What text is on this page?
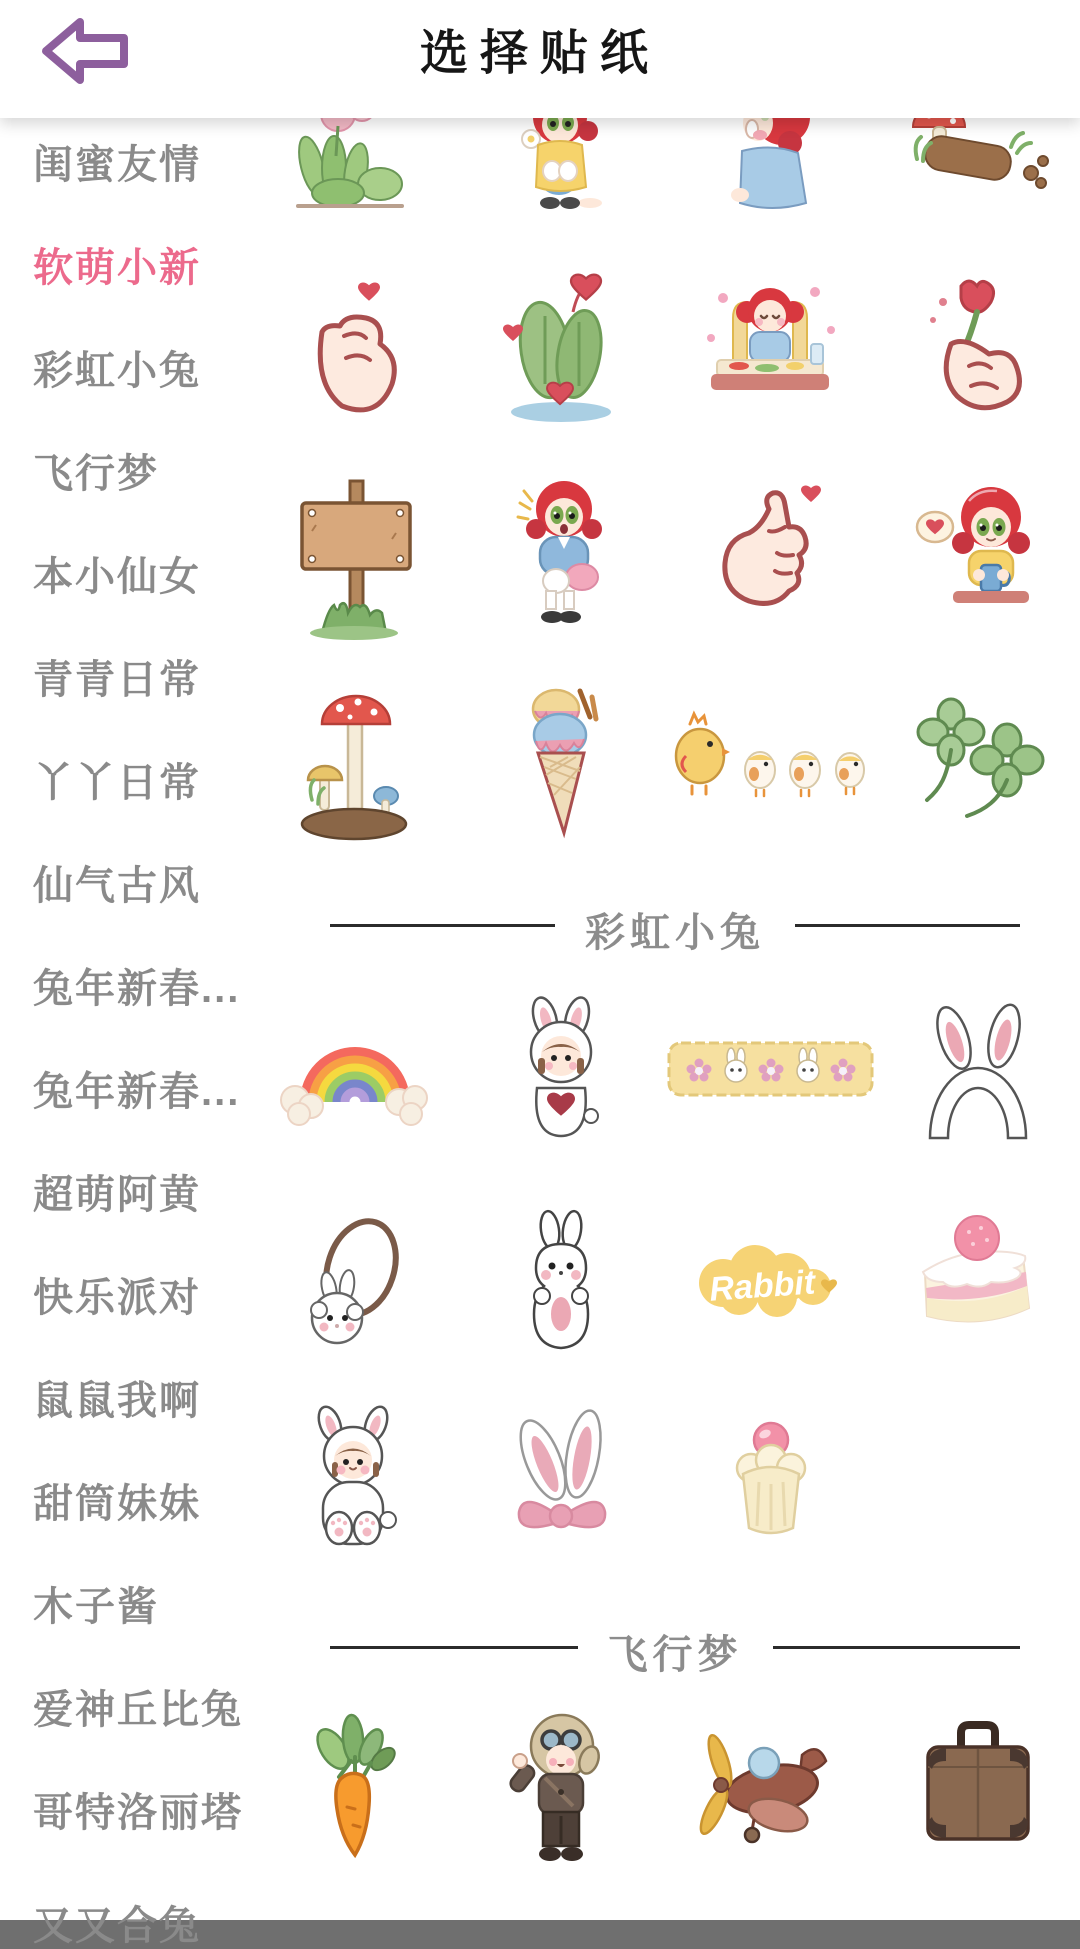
闺蜜友情
软萌小新
彩虹小兔
飞行梦
本小仙女
青青日常
丫丫日常
仙气古风
兔年新春...
兔年新春...
超萌阿黄
快乐派对
鼠鼠我啊
甜筒妹妹
木子酱
爱神丘比兔
哥特洛丽塔
又又合兔
彩虹小兔
Rabbit
飞行梦
选择贴纸
